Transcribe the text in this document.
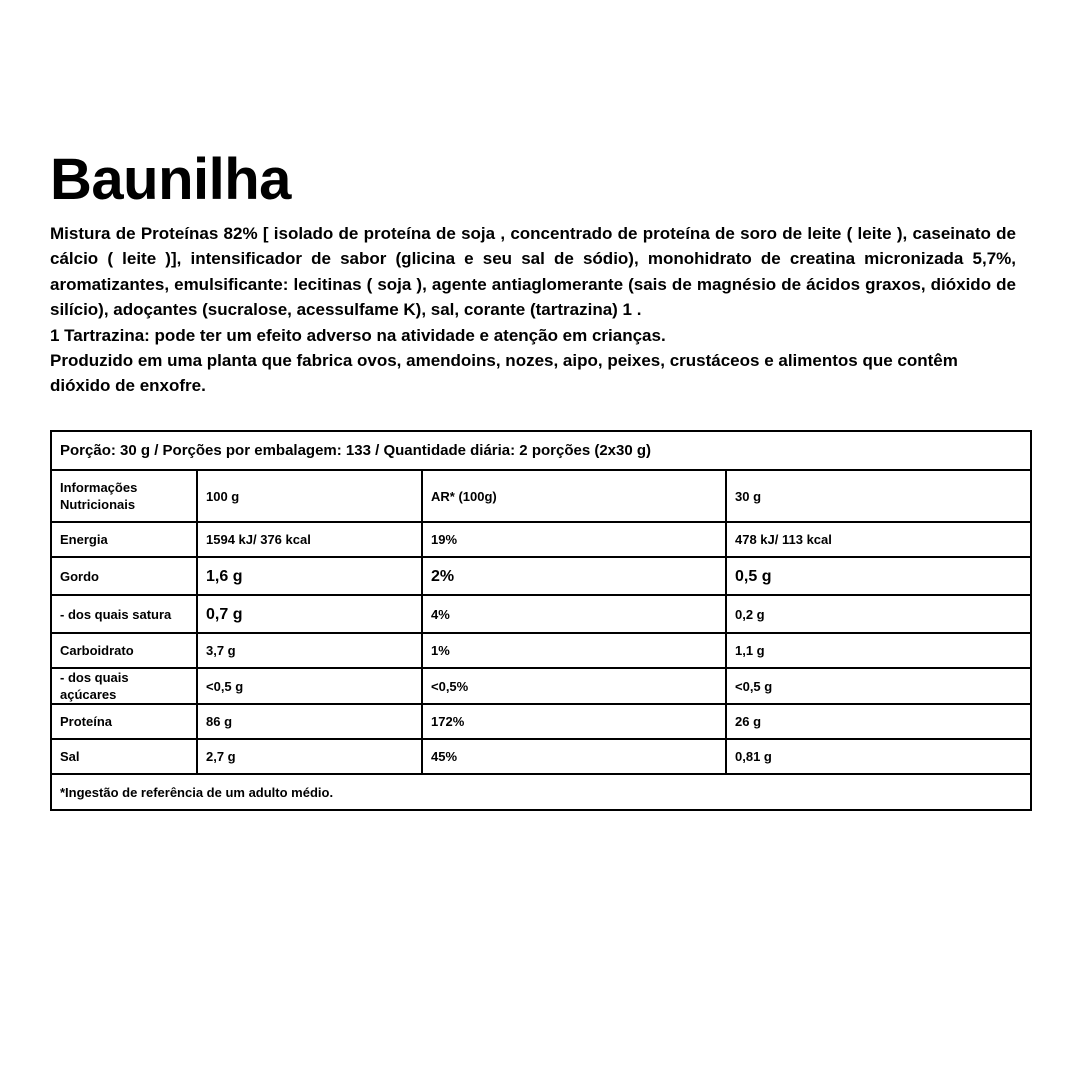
Baunilha

Mistura de Proteínas 82% [ isolado de proteína de soja , concentrado de proteína de soro de leite ( leite ), caseinato de cálcio ( leite )], intensificador de sabor (glicina e seu sal de sódio), monohidrato de creatina micronizada 5,7%, aromatizantes, emulsificante: lecitinas ( soja ), agente antiaglomerante (sais de magnésio de ácidos graxos, dióxido de silício), adoçantes (sucralose, acessulfame K), sal, corante (tartrazina) 1 .

1 Tartrazina: pode ter um efeito adverso na atividade e atenção em crianças.

Produzido em uma planta que fabrica ovos, amendoins, nozes, aipo, peixes, crustáceos e alimentos que contêm dióxido de enxofre.

Porção: 30 g / Porções por embalagem: 133 / Quantidade diária: 2 porções (2x30 g)			
Informações Nutricionais	100 g	AR* (100g)	30 g
Energia	1594 kJ/ 376 kcal	19%	478 kJ/ 113 kcal
Gordo	1,6 g	2%	0,5 g
- dos quais satura	0,7 g	4%	0,2 g
Carboidrato	3,7 g	1%	1,1 g
- dos quais açúcares	<0,5 g	<0,5%	<0,5 g
Proteína	86 g	172%	26 g
Sal	2,7 g	45%	0,81 g
*Ingestão de referência de um adulto médio.			
